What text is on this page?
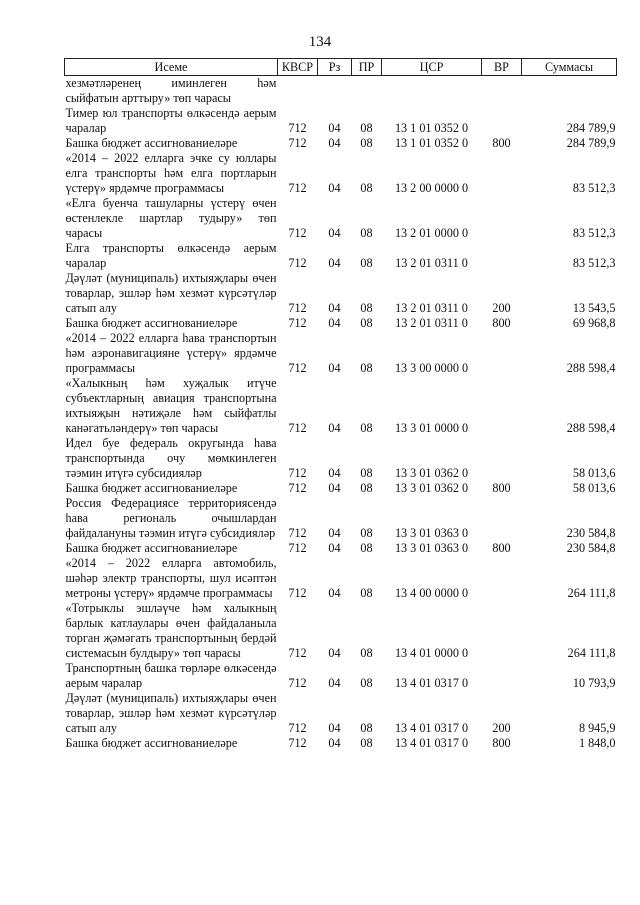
134
Исеме	КВСР	Рз	ПР	ЦСР	ВР	Суммасы
хезмәтләренең иминлеген һәм сыйфатын арттыру» төп чарасы						
Тимер юл транспорты өлкәсендә аерым чаралар	712	04	08	13 1 01 0352 0		284 789,9
Башка бюджет ассигнованиеләре	712	04	08	13 1 01 0352 0	800	284 789,9
«2014 – 2022 елларга эчке су юллары елга транспорты һәм елга портларын үстерү» ярдәмче программасы	712	04	08	13 2 00 0000 0		83 512,3
«Елга буенча ташуларны үстерү өчен өстенлекле шартлар тудыру» төп чарасы	712	04	08	13 2 01 0000 0		83 512,3
Елга транспорты өлкәсендә аерым чаралар	712	04	08	13 2 01 0311 0		83 512,3
Дәүләт (муниципаль) ихтыяҗлары өчен товарлар, эшләр һәм хезмәт күрсәтүләр сатып алу	712	04	08	13 2 01 0311 0	200	13 543,5
Башка бюджет ассигнованиеләре	712	04	08	13 2 01 0311 0	800	69 968,8
«2014 – 2022 елларга һава транспортын һәм аэронавигацияне үстерү» ярдәмче программасы	712	04	08	13 3 00 0000 0		288 598,4
«Халыкның һәм хуҗалык итүче субъектларның авиация транспортына ихтыяҗын нәтиҗәле һәм сыйфатлы канәгатьләндерү» төп чарасы	712	04	08	13 3 01 0000 0		288 598,4
Идел буе федераль округында һава транспортында очу мөмкинлеген тәэмин итүгә субсидияләр	712	04	08	13 3 01 0362 0		58 013,6
Башка бюджет ассигнованиеләре	712	04	08	13 3 01 0362 0	800	58 013,6
Россия Федерациясе территориясендә һава региональ очышлардан файдалануны тәэмин итүгә субсидияләр	712	04	08	13 3 01 0363 0		230 584,8
Башка бюджет ассигнованиеләре	712	04	08	13 3 01 0363 0	800	230 584,8
«2014 – 2022 елларга автомобиль, шәһәр электр транспорты, шул исәптән метроны үстерү» ярдәмче программасы	712	04	08	13 4 00 0000 0		264 111,8
«Тотрыклы эшләүче һәм халыкның барлык катлаулары өчен файдаланыла торган җәмәгать транспортының бердәй системасын булдыру» төп чарасы	712	04	08	13 4 01 0000 0		264 111,8
Транспортның башка төрләре өлкәсендә аерым чаралар	712	04	08	13 4 01 0317 0		10 793,9
Дәүләт (муниципаль) ихтыяҗлары өчен товарлар, эшләр һәм хезмәт күрсәтүләр сатып алу	712	04	08	13 4 01 0317 0	200	8 945,9
Башка бюджет ассигнованиеләре	712	04	08	13 4 01 0317 0	800	1 848,0
